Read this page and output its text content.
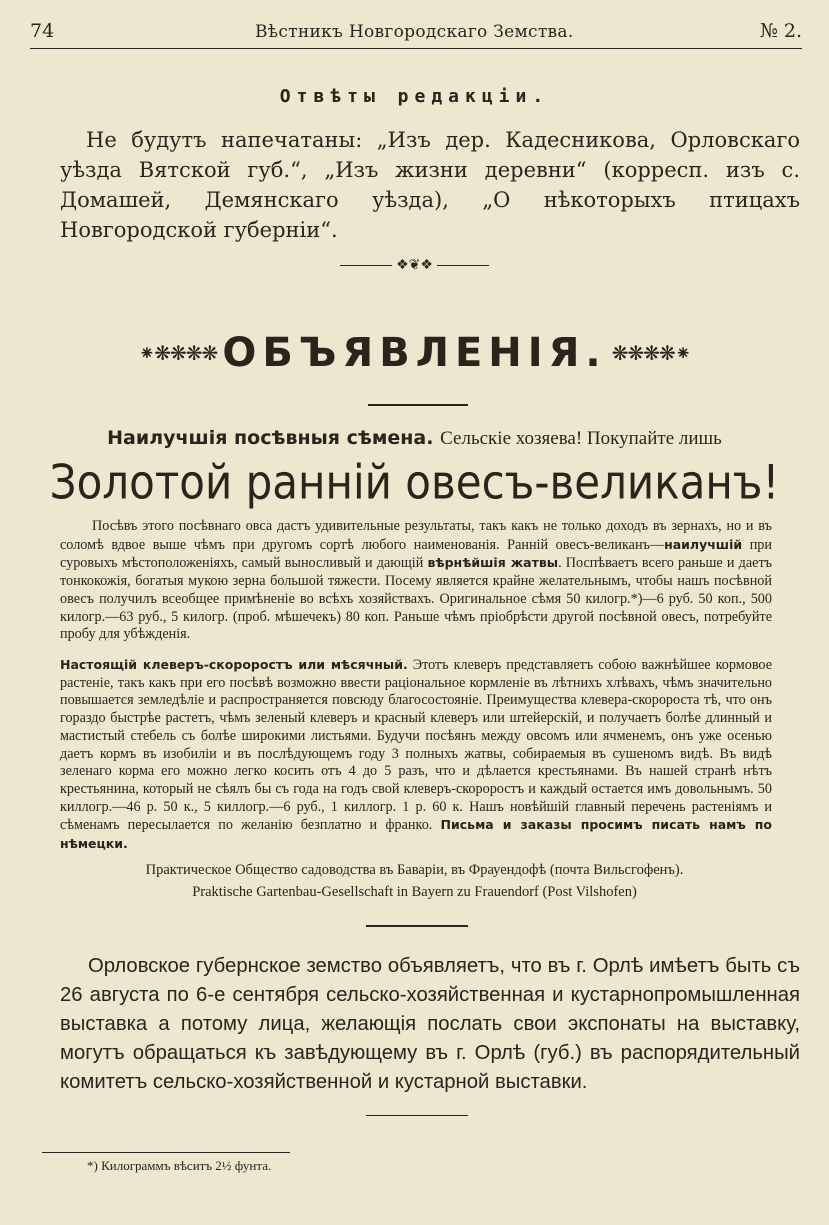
74	Вѣстникъ Новгородскаго Земства.	№ 2.
Отвѣты редакціи.
Не будутъ напечатаны: „Изъ дер. Кадесникова, Орловскаго уѣзда Вятской губ.“, „Изъ жизни деревни“ (корресп. изъ с. Домашей, Демянскаго уѣзда), „О нѣкоторыхъ птицахъ Новгородской губерніи“.
❖❦❖
⁕❋❋❋❋ ОБЪЯВЛЕНІЯ. ❋❋❋❋⁕
Наилучшія посѣвныя сѣмена. Сельскіе хозяева! Покупайте лишь
Золотой ранній овесъ-великанъ!
Посѣвъ этого посѣвнаго овса дастъ удивительные результаты, такъ какъ не только доходъ въ зернахъ, но и въ соломѣ вдвое выше чѣмъ при другомъ сортѣ любого наименованія. Ранній овесъ-великанъ—наилучшій при суровыхъ мѣстоположеніяхъ, самый выносливый и дающій вѣрнѣйшія жатвы. Поспѣваетъ всего раньше и даетъ тонкокожія, богатыя мукою зерна большой тяжести. Посему является крайне желательнымъ, чтобы нашъ посѣвной овесъ получилъ всеобщее примѣненіе во всѣхъ хозяйствахъ. Оригинальное сѣмя 50 килогр.*)—6 руб. 50 коп., 500 килогр.—63 руб., 5 килогр. (проб. мѣшечекъ) 80 коп. Раньше чѣмъ пріобрѣсти другой посѣвной овесъ, потребуйте пробу для убѣжденія.
Настоящій клеверъ-скороростъ или мѣсячный. Этотъ клеверъ представляетъ собою важнѣйшее кормовое растеніе, такъ какъ при его посѣвѣ возможно ввести раціональное кормленіе въ лѣтнихъ хлѣвахъ, чѣмъ значительно повышается земледѣліе и распространяется повсюду благосостояніе. Преимущества клевера-скоророста тѣ, что онъ гораздо быстрѣе растетъ, чѣмъ зеленый клеверъ и красный клеверъ или штейерскій, и получаетъ болѣе длинный и мастистый стебель съ болѣе широкими листьями. Будучи посѣянъ между овсомъ или ячменемъ, онъ уже осенью даетъ кормъ въ изобиліи и въ послѣдующемъ году 3 полныхъ жатвы, собираемыя въ сушеномъ видѣ. Въ видѣ зеленаго корма его можно легко косить отъ 4 до 5 разъ, что и дѣлается крестьянами. Въ нашей странѣ нѣтъ крестьянина, который не сѣялъ бы съ года на годъ свой клеверъ-скороростъ и каждый остается имъ довольнымъ. 50 киллогр.—46 р. 50 к., 5 киллогр.—6 руб., 1 киллогр. 1 р. 60 к. Нашъ новѣйшій главный перечень растеніямъ и сѣменамъ пересылается по желанію безплатно и франко. Письма и заказы просимъ писать намъ по нѣмецки.
Практическое Общество садоводства въ Баваріи, въ Фрауендофѣ (почта Вильсгофенъ).
Praktische Gartenbau-Gesellschaft in Bayern zu Frauendorf (Post Vilshofen)
Орловское губернское земство объявляетъ, что въ г. Орлѣ имѣетъ быть съ 26 августа по 6-е сентября сельско-хозяйственная и кустарнопромышленная выставка а потому лица, желающія послать свои экспонаты на выставку, могутъ обращаться къ завѣдующему въ г. Орлѣ (губ.) въ распорядительный комитетъ сельско-хозяйственной и кустарной выставки.
*) Килограммъ вѣситъ 2½ фунта.
